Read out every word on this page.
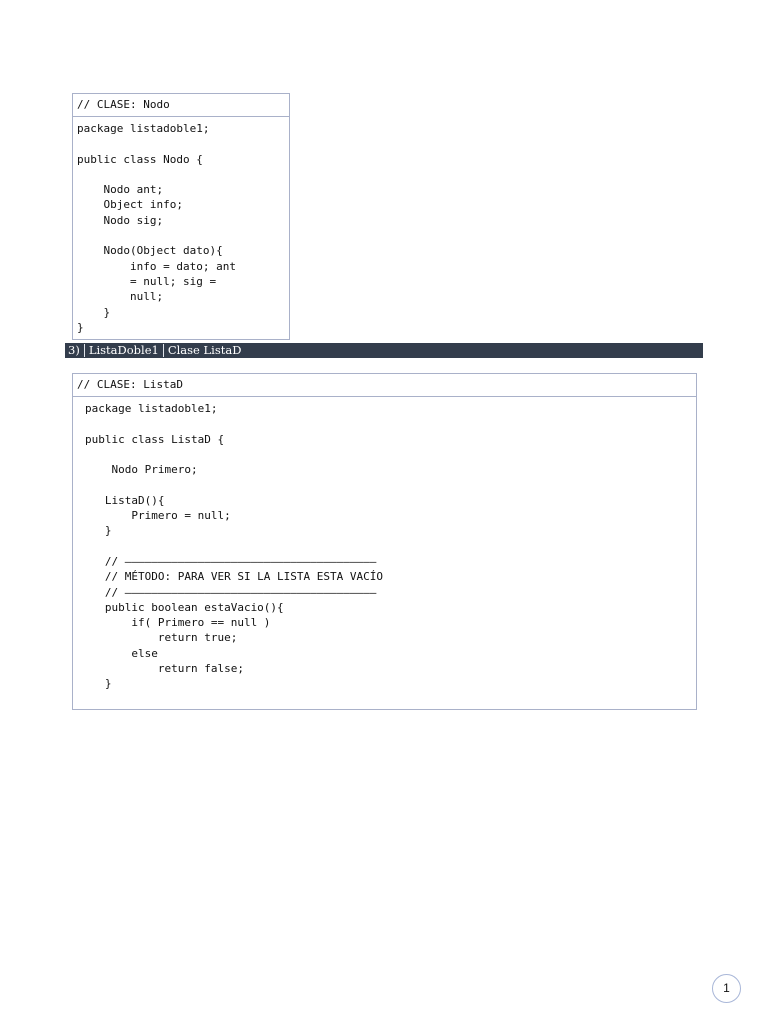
// CLASE: Nodo
package listadoble1;

public class Nodo {

Nodo ant;
Object info;
Nodo sig;

Nodo(Object dato){
info = dato; ant
= null; sig =
null;
}
}
3) ListaDoble1 Clase ListaD
// CLASE: ListaD
package listadoble1;

public class ListaD {

Nodo Primero;

ListaD(){
Primero = null;
}

// ——————————————————————————————————————
// MÉTODO: PARA VER SI LA LISTA ESTA VACÍO
// ——————————————————————————————————————
public boolean estaVacio(){
if( Primero == null )
return true;
else
return false;
}
1
